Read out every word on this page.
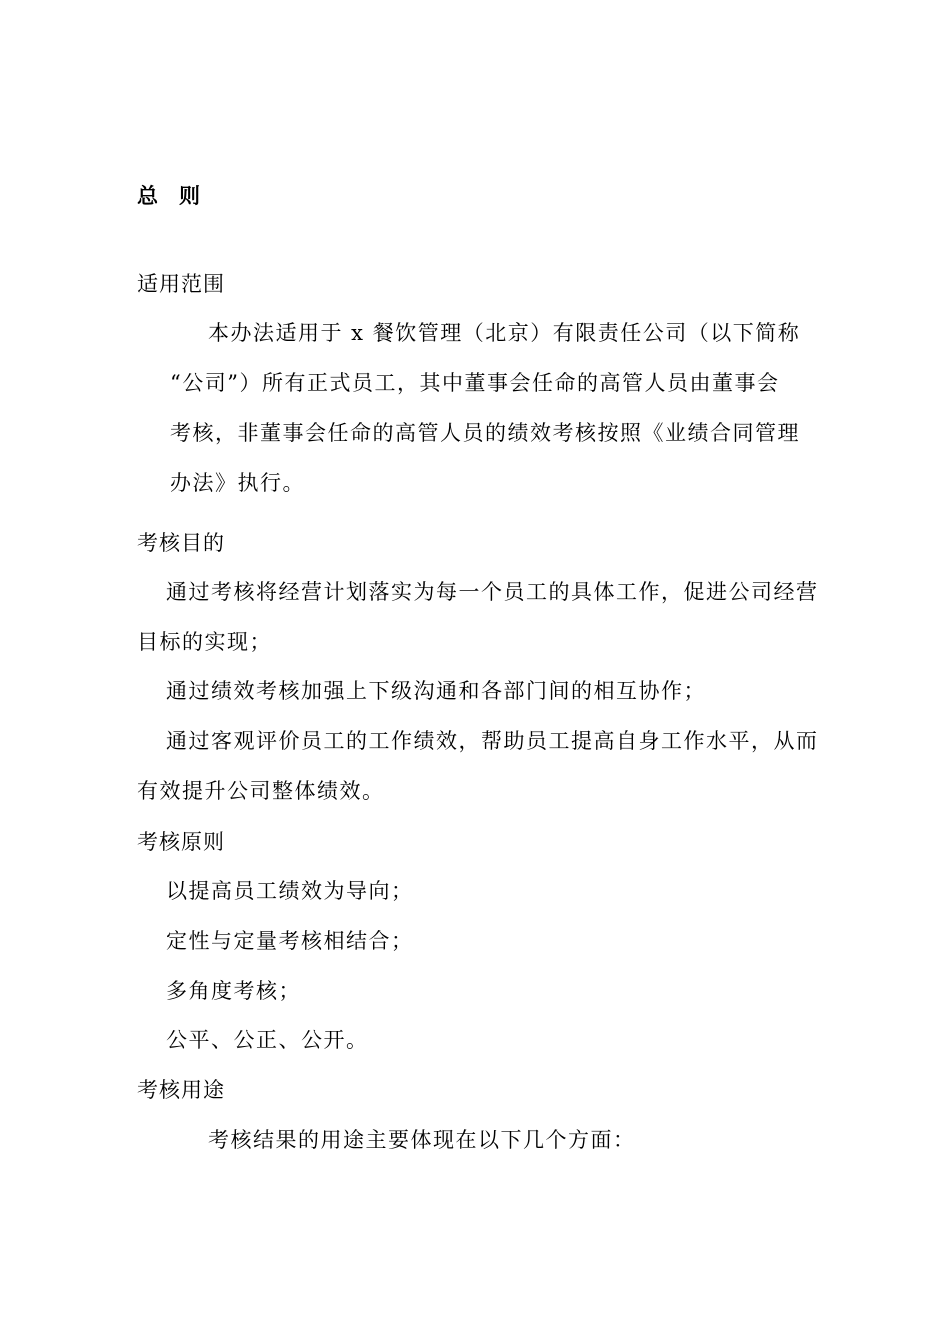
总　则
适用范围
本办法适用于 x 餐饮管理（北京）有限责任公司（以下简称
“公司”）所有正式员工，其中董事会任命的高管人员由董事会
考核，非董事会任命的高管人员的绩效考核按照《业绩合同管理
办法》执行。
考核目的
通过考核将经营计划落实为每一个员工的具体工作，促进公司经营
目标的实现；
通过绩效考核加强上下级沟通和各部门间的相互协作；
通过客观评价员工的工作绩效，帮助员工提高自身工作水平，从而
有效提升公司整体绩效。
考核原则
以提高员工绩效为导向；
定性与定量考核相结合；
多角度考核；
公平、公正、公开。
考核用途
考核结果的用途主要体现在以下几个方面：
